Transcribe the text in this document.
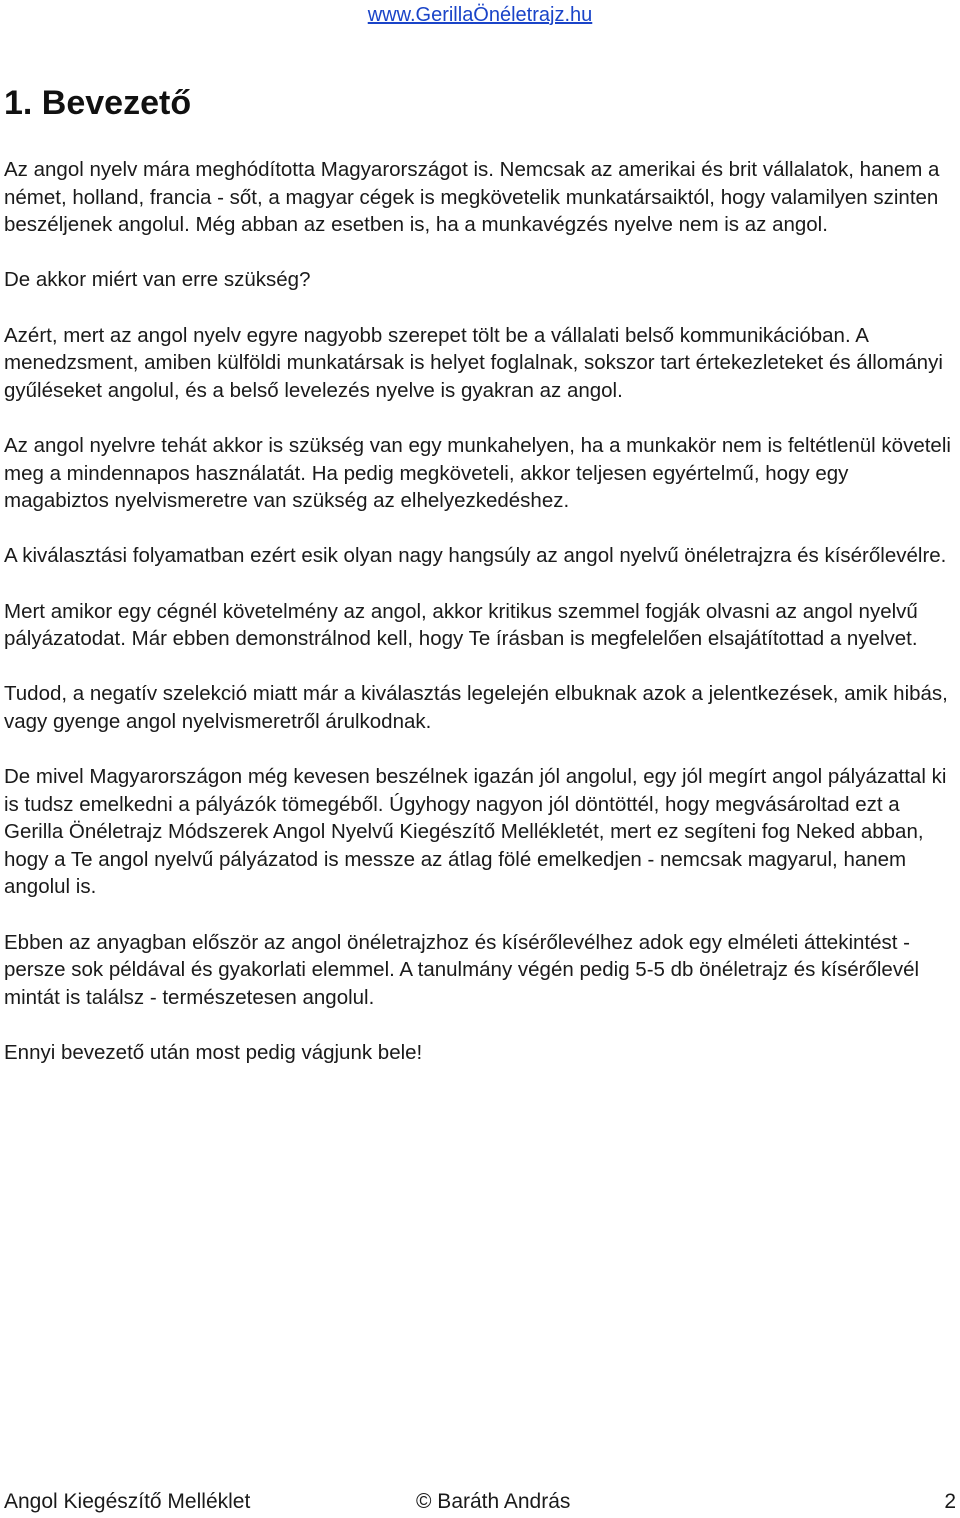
www.GerillaÖnéletrajz.hu
1. Bevezető

Az angol nyelv mára meghódította Magyarországot is. Nemcsak az amerikai és brit vállalatok, hanem a német, holland, francia - sőt, a magyar cégek is megkövetelik munkatársaiktól, hogy valamilyen szinten beszéljenek angolul. Még abban az esetben is, ha a munkavégzés nyelve nem is az angol.

De akkor miért van erre szükség?

Azért, mert az angol nyelv egyre nagyobb szerepet tölt be a vállalati belső kommunikációban. A menedzsment, amiben külföldi munkatársak is helyet foglalnak, sokszor tart értekezleteket és állományi gyűléseket angolul, és a belső levelezés nyelve is gyakran az angol.

Az angol nyelvre tehát akkor is szükség van egy munkahelyen, ha a munkakör nem is feltétlenül követeli meg a mindennapos használatát. Ha pedig megköveteli, akkor teljesen egyértelmű, hogy egy magabiztos nyelvismeretre van szükség az elhelyezkedéshez.

A kiválasztási folyamatban ezért esik olyan nagy hangsúly az angol nyelvű önéletrajzra és kísérőlevélre.

Mert amikor egy cégnél követelmény az angol, akkor kritikus szemmel fogják olvasni az angol nyelvű pályázatodat. Már ebben demonstrálnod kell, hogy Te írásban is megfelelően elsajátítottad a nyelvet.

Tudod, a negatív szelekció miatt már a kiválasztás legelején elbuknak azok a jelentkezések, amik hibás, vagy gyenge angol nyelvismeretről árulkodnak.

De mivel Magyarországon még kevesen beszélnek igazán jól angolul, egy jól megírt angol pályázattal ki is tudsz emelkedni a pályázók tömegéből. Úgyhogy nagyon jól döntöttél, hogy megvásároltad ezt a Gerilla Önéletrajz Módszerek Angol Nyelvű Kiegészítő Mellékletét, mert ez segíteni fog Neked abban, hogy a Te angol nyelvű pályázatod is messze az átlag fölé emelkedjen - nemcsak magyarul, hanem angolul is.

Ebben az anyagban először az angol önéletrajzhoz és kísérőlevélhez adok egy elméleti áttekintést - persze sok példával és gyakorlati elemmel. A tanulmány végén pedig 5-5 db önéletrajz és kísérőlevél mintát is találsz - természetesen angolul.

Ennyi bevezető után most pedig vágjunk bele!

Angol Kiegészítő Melléklet	© Baráth András	2
